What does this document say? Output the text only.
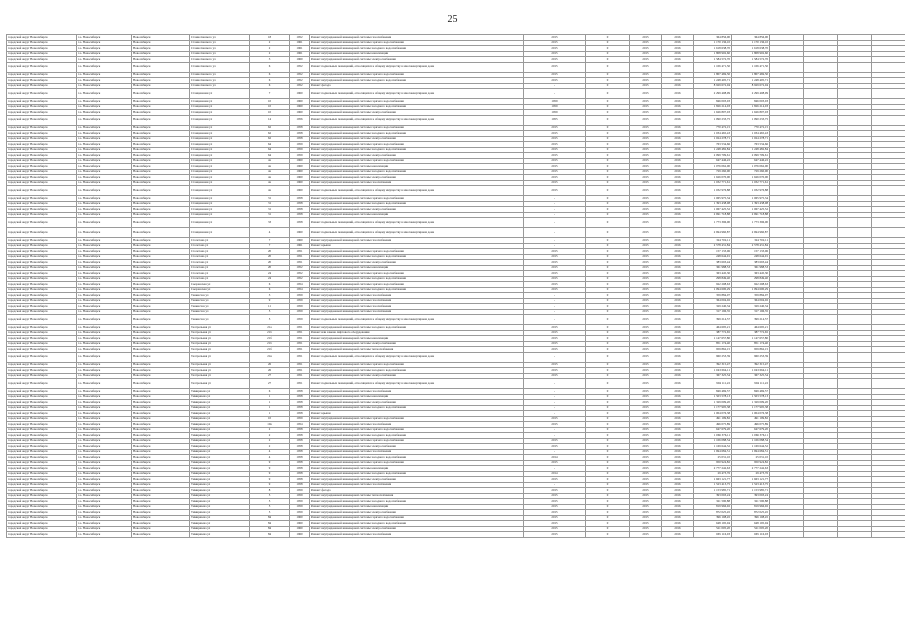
25
городской округ Новосибирск	г.о. Новосибирск	Новосибирск	Станиславского ул	18	1952	Ремонт внутридомовой инженерной системы газоснабжения	2015	0	2015	2016	364 856,00	364 856,00				
городской округ Новосибирск	г.о. Новосибирск	Новосибирск	Станиславского ул	2	1961	Ремонт внутридомовой инженерной системы горячего водоснабжения	2015	0	2015	2016	1 170 136,10	1 170 136,10				
городской округ Новосибирск	г.о. Новосибирск	Новосибирск	Станиславского ул	2	1961	Ремонт внутридомовой инженерной системы холодного водоснабжения	2015	0	2015	2016	1 618 638,70	1 618 638,70				
городской округ Новосибирск	г.о. Новосибирск	Новосибирск	Станиславского ул	2	1961	Ремонт внутридомовой инженерной системы канализации	2015	0	2015	2016	1 808 902,60	1 808 902,60				
городской округ Новосибирск	г.о. Новосибирск	Новосибирск	Станиславского ул	3	1960	Ремонт внутридомовой инженерной системы электроснабжения	2015	0	2015	2016	1 584 572,70	1 584 572,70				
городской округ Новосибирск	г.о. Новосибирск	Новосибирск	Станиславского ул	6	1952	Ремонт подвальных помещений, относящихся к общему имуществу в многоквартирном доме	2015	0	2015	2016	1 106 471,50	1 106 471,50				
городской округ Новосибирск	г.о. Новосибирск	Новосибирск	Станиславского ул	6	1952	Ремонт внутридомовой инженерной системы горячего водоснабжения	2015	0	2015	2016	1 807 469,50	1 807 469,50				
городской округ Новосибирск	г.о. Новосибирск	Новосибирск	Станиславского ул	6	1952	Ремонт внутридомовой инженерной системы холодного водоснабжения	2015	0	2015	2016	1 248 405,71	1 248 405,71				
городской округ Новосибирск	г.о. Новосибирск	Новосибирск	Станиславского ул	6	1952	Ремонт фасада	-	0	2015	2016	8 929 672,04	8 929 672,04				
городской округ Новосибирск	г.о. Новосибирск	Новосибирск	Станционная ул	7	1960	Ремонт подвальных помещений, относящихся к общему имуществу в многоквартирном доме	-	0	2015	2016	2 299 408,99	2 299 408,99				
городской округ Новосибирск	г.о. Новосибирск	Новосибирск	Станционная ул	10	1960	Ремонт внутридомовой инженерной системы горячего водоснабжения	1959	0	2015	2016	846 003,03	846 003,03				
городской округ Новосибирск	г.о. Новосибирск	Новосибирск	Станционная ул	10	1960	Ремонт внутридомовой инженерной системы холодного водоснабжения	1959	0	2015	2016	1 826 214,03	1 826 214,03				
городской округ Новосибирск	г.о. Новосибирск	Новосибирск	Станционная ул	10	1960	Ремонт внутридомовой инженерной системы электроснабжения	1959	0	2015	2016	1 626 807,03	1 626 807,03				
городской округ Новосибирск	г.о. Новосибирск	Новосибирск	Станционная ул	14	1956	Ремонт подвальных помещений, относящихся к общему имуществу в многоквартирном доме	1955	0	2015	2016	1 090 233,75	1 090 233,75				
городской округ Новосибирск	г.о. Новосибирск	Новосибирск	Станционная ул	62	1958	Ремонт внутридомовой инженерной системы горячего водоснабжения	2015	0	2015	2016	770 472,15	770 472,15				
городской округ Новосибирск	г.о. Новосибирск	Новосибирск	Станционная ул	62	1958	Ремонт внутридомовой инженерной системы холодного водоснабжения	2015	0	2015	2016	1 034 465,43	1 034 465,43				
городской округ Новосибирск	г.о. Новосибирск	Новосибирск	Станционная ул	62	1958	Ремонт внутридомовой инженерной системы электроснабжения	2015	0	2015	2016	1 024 278,71	1 024 278,71				
городской округ Новосибирск	г.о. Новосибирск	Новосибирск	Станционная ул	64	1959	Ремонт внутридомовой инженерной системы горячего водоснабжения	2015	0	2015	2016	763 534,66	763 534,66				
городской округ Новосибирск	г.о. Новосибирск	Новосибирск	Станционная ул	64	1959	Ремонт внутридомовой инженерной системы холодного водоснабжения	2015	0	2015	2016	1 248 482,84	1 248 482,84				
городской округ Новосибирск	г.о. Новосибирск	Новосибирск	Станционная ул	64	1959	Ремонт внутридомовой инженерной системы электроснабжения	2015	0	2015	2016	2 099 709,61	2 099 709,61				
городской округ Новосибирск	г.о. Новосибирск	Новосибирск	Станционная ул	4а	1960	Ремонт внутридомовой инженерной системы горячего водоснабжения	2015	0	2015	2016	647 446,22	647 446,22				
городской округ Новосибирск	г.о. Новосибирск	Новосибирск	Станционная ул	4а	1960	Ремонт внутридомовой инженерной системы канализации	2015	0	2015	2016	1 076 062,00	1 076 062,00				
городской округ Новосибирск	г.о. Новосибирск	Новосибирск	Станционная ул	4а	1960	Ремонт внутридомовой инженерной системы холодного водоснабжения	2015	0	2015	2016	729 260,90	729 260,90				
городской округ Новосибирск	г.о. Новосибирск	Новосибирск	Станционная ул	4а	1960	Ремонт внутридомовой инженерной системы электроснабжения	2015	0	2015	2016	1 626 070,00	1 626 070,00				
городской округ Новосибирск	г.о. Новосибирск	Новосибирск	Станционная ул	4а	1960	Ремонт внутридомовой инженерной системы газоснабжения	2015	0	2015	2016	1 032 771,61	1 032 771,61				
городской округ Новосибирск	г.о. Новосибирск	Новосибирск	Станционная ул	4а	1960	Ремонт подвальных помещений, относящихся к общему имуществу в многоквартирном доме	2015	0	2015	2016	1 032 976,88	1 032 976,88				
городской округ Новосибирск	г.о. Новосибирск	Новосибирск	Станционная ул	31	1958	Ремонт внутридомовой инженерной системы горячего водоснабжения	-	0	2015	2016	1 065 975,34	1 065 975,34				
городской округ Новосибирск	г.о. Новосибирск	Новосибирск	Станционная ул	31	1958	Ремонт внутридомовой инженерной системы холодного водоснабжения	-	0	2015	2016	1 393 438,98	1 393 438,98				
городской округ Новосибирск	г.о. Новосибирск	Новосибирск	Станционная ул	31	1958	Ремонт внутридомовой инженерной системы электроснабжения	-	0	2015	2016	1 067 425,52	1 067 425,52				
городской округ Новосибирск	г.о. Новосибирск	Новосибирск	Станционная ул	31	1958	Ремонт внутридомовой инженерной системы канализации	-	0	2015	2016	2 691 718,88	2 691 718,88				
городской округ Новосибирск	г.о. Новосибирск	Новосибирск	Станционная ул	33	1958	Ремонт подвальных помещений, относящихся к общему имуществу в многоквартирном доме	-	0	2015	2016	1 773 396,00	1 773 396,00				
городской округ Новосибирск	г.о. Новосибирск	Новосибирск	Станционная ул	4	1960	Ремонт подвальных помещений, относящихся к общему имуществу в многоквартирном доме	-	0	2015	2016	2 694 960,87	2 694 960,87				
городской округ Новосибирск	г.о. Новосибирск	Новосибирск	Столетова ул	7	1960	Ремонт внутридомовой инженерной системы газоснабжения	-	0	2015	2016	324 702,11	324 702,11				
городской округ Новосибирск	г.о. Новосибирск	Новосибирск	Столетова ул	7	1961	Ремонт крыши	-	0	2015	2016	2 578 431,84	2 578 431,84				
городской округ Новосибирск	г.о. Новосибирск	Новосибирск	Столетова ул	20	1951	Ремонт внутридомовой инженерной системы горячего водоснабжения	2015	0	2015	2016	157 133,06	157 133,06				
городской округ Новосибирск	г.о. Новосибирск	Новосибирск	Столетова ул	20	1951	Ремонт внутридомовой инженерной системы холодного водоснабжения	2015	0	2015	2016	248 644,91	248 644,91				
городской округ Новосибирск	г.о. Новосибирск	Новосибирск	Столетова ул	20	1951	Ремонт внутридомовой инженерной системы электроснабжения	2015	0	2015	2016	383 693,44	383 693,44				
городской округ Новосибирск	г.о. Новосибирск	Новосибирск	Столетова ул	20	1952	Ремонт внутридомовой инженерной системы канализации	2015	0	2015	2016	361 988,53	361 988,53				
городской округ Новосибирск	г.о. Новосибирск	Новосибирск	Столетова ул	24	1952	Ремонт внутридомовой инженерной системы горячего водоснабжения	2015	0	2015	2016	363 445,30	363 445,30				
городской округ Новосибирск	г.о. Новосибирск	Новосибирск	Столетова ул	24	1952	Ремонт внутридомовой инженерной системы холодного водоснабжения	2015	0	2015	2016	298 849,40	298 849,40				
городской округ Новосибирск	г.о. Новосибирск	Новосибирск	Сызранская ул	6	1954	Ремонт внутридомовой инженерной системы горячего водоснабжения	2015	0	2015	2016	922 208,63	922 208,63				
городской округ Новосибирск	г.о. Новосибирск	Новосибирск	Сызранская ул	6	1954	Ремонт внутридомовой инженерной системы холодного водоснабжения	2015	0	2015	2016	1 094 600,29	1 094 600,29				
городской округ Новосибирск	г.о. Новосибирск	Новосибирск	Танкистов ул	3	1959	Ремонт внутридомовой инженерной системы газоснабжения	-	0	2015	2016	359 884,07	359 884,07				
городской округ Новосибирск	г.о. Новосибирск	Новосибирск	Танкистов ул	9	1959	Ремонт внутридомовой инженерной системы газоснабжения	-	0	2015	2016	364 004,02	364 004,02				
городской округ Новосибирск	г.о. Новосибирск	Новосибирск	Танкистов ул	11	1959	Ремонт внутридомовой инженерной системы газоснабжения	-	0	2015	2016	329 240,34	329 240,34				
городской округ Новосибирск	г.о. Новосибирск	Новосибирск	Танкистов ул	5	1959	Ремонт внутридомовой инженерной системы газоснабжения	-	0	2015	2016	317 196,35	317 196,35				
городской округ Новосибирск	г.о. Новосибирск	Новосибирск	Танкистов ул	5	1959	Ремонт подвальных помещений, относящихся к общему имуществу в многоквартирном доме	-	0	2015	2016	399 214,57	399 214,57				
городской округ Новосибирск	г.о. Новосибирск	Новосибирск	Театральная ул	21а	1951	Ремонт внутридомовой инженерной системы холодного водоснабжения	2015	0	2015	2016	464 695,21	464 695,21				
городской округ Новосибирск	г.о. Новосибирск	Новосибирск	Театральная ул	21б	1951	Ремонт или замена лифтового оборудования	2015	0	2015	2016	387 772,65	387 772,65				
городской округ Новосибирск	г.о. Новосибирск	Новосибирск	Театральная ул	21б	1951	Ремонт внутридомовой инженерной системы канализации	2015	0	2015	2016	1 147 657,80	1 147 657,80				
городской округ Новосибирск	г.о. Новосибирск	Новосибирск	Театральная ул	21б	1951	Ремонт внутридомовой инженерной системы электроснабжения	2015	0	2015	2016	851 174,40	851 174,40				
городской округ Новосибирск	г.о. Новосибирск	Новосибирск	Театральная ул	21б	1951	Ремонт внутридомовой инженерной системы теплоснабжения	2015	0	2015	2016	959 862,15	959 862,15				
городской округ Новосибирск	г.о. Новосибирск	Новосибирск	Театральная ул	21в	1951	Ремонт подвальных помещений, относящихся к общему имуществу в многоквартирном доме	-	0	2015	2016	960 253,39	960 253,39				
городской округ Новосибирск	г.о. Новосибирск	Новосибирск	Театральная ул	26	1951	Ремонт внутридомовой инженерной системы горячего водоснабжения	2015	0	2015	2016	392 315,47	392 315,47				
городской округ Новосибирск	г.о. Новосибирск	Новосибирск	Театральная ул	26	1951	Ремонт внутридомовой инженерной системы холодного водоснабжения	2015	0	2015	2016	1 043 064,11	1 043 064,11				
городской округ Новосибирск	г.о. Новосибирск	Новосибирск	Театральная ул	27	1951	Ремонт внутридомовой инженерной системы электроснабжения	2015	0	2015	2016	367 325,54	367 325,54				
городской округ Новосибирск	г.о. Новосибирск	Новосибирск	Театральная ул	27	1951	Ремонт подвальных помещений, относящихся к общему имуществу в многоквартирном доме	-	0	2015	2016	904 111,22	904 111,22				
городской округ Новосибирск	г.о. Новосибирск	Новосибирск	Тимирязева ул	6	1958	Ремонт внутридомовой инженерной системы газоснабжения	-	0	2015	2016	849 469,57	849 469,57				
городской округ Новосибирск	г.о. Новосибирск	Новосибирск	Тимирязева ул	1	1958	Ремонт внутридомовой инженерной системы канализации	-	0	2015	2016	1 503 578,13	1 503 578,13				
городской округ Новосибирск	г.о. Новосибирск	Новосибирск	Тимирязева ул	1	1958	Ремонт внутридомовой инженерной системы электроснабжения	-	0	2015	2016	1 329 009,20	1 329 009,20				
городской округ Новосибирск	г.о. Новосибирск	Новосибирск	Тимирязева ул	1	1958	Ремонт внутридомовой инженерной системы холодного водоснабжения	-	0	2015	2016	1 177 905,38	1 177 905,38				
городской округ Новосибирск	г.о. Новосибирск	Новосибирск	Тимирязева ул	1	1958	Ремонт крыши	-	0	2015	2016	1 004 076,38	1 004 076,38				
городской округ Новосибирск	г.о. Новосибирск	Новосибирск	Тимирязева ул	10	1959	Ремонт внутридомовой инженерной системы горячего водоснабжения	2015	0	2015	2016	491 199,82	491 199,82				
городской округ Новосибирск	г.о. Новосибирск	Новосибирск	Тимирязева ул	10а	1954	Ремонт внутридомовой инженерной системы газоснабжения	2015	0	2015	2016	496 075,89	496 075,89				
городской округ Новосибирск	г.о. Новосибирск	Новосибирск	Тимирязева ул	2	1958	Ремонт внутридомовой инженерной системы горячего водоснабжения	-	0	2015	2016	647 679,20	647 679,20				
городской округ Новосибирск	г.о. Новосибирск	Новосибирск	Тимирязева ул	2	1958	Ремонт внутридомовой инженерной системы холодного водоснабжения	-	0	2015	2016	1 066 376,11	1 066 376,11				
городской округ Новосибирск	г.о. Новосибирск	Новосибирск	Тимирязева ул	2	1958	Ремонт внутридомовой инженерной системы горячего водоснабжения	2015	0	2015	2016	1 106 088,54	1 106 088,54				
городской округ Новосибирск	г.о. Новосибирск	Новосибирск	Тимирязева ул	2	1958	Ремонт внутридомовой инженерной системы электроснабжения	2015	0	2015	2016	1 169 644,52	1 169 644,52				
городской округ Новосибирск	г.о. Новосибирск	Новосибирск	Тимирязева ул	4	1958	Ремонт внутридомовой инженерной системы газоснабжения	-	0	2015	2016	1 694 684,51	1 694 684,51				
городской округ Новосибирск	г.о. Новосибирск	Новосибирск	Тимирязева ул	4	1958	Ремонт внутридомовой инженерной системы холодного водоснабжения	2014	0	2015	2016	25 031,10	25 031,10				
городской округ Новосибирск	г.о. Новосибирск	Новосибирск	Тимирязева ул	9	1958	Ремонт внутридомовой инженерной системы горячего водоснабжения	2015	0	2015	2016	950 924,82	950 924,82				
городской округ Новосибирск	г.о. Новосибирск	Новосибирск	Тимирязева ул	9	1958	Ремонт внутридомовой инженерной системы канализации	-	0	2015	2016	2 777 242,63	2 777 242,63				
городской округ Новосибирск	г.о. Новосибирск	Новосибирск	Тимирязева ул	9	1958	Ремонт внутридомовой инженерной системы холодного водоснабжения	2014	0	2015	2016	29 473,76	29 473,76				
городской округ Новосибирск	г.о. Новосибирск	Новосибирск	Тимирязева ул	9	1958	Ремонт внутридомовой инженерной системы электроснабжения	2015	0	2015	2016	1 663 121,77	1 663 121,77				
городской округ Новосибирск	г.о. Новосибирск	Новосибирск	Тимирязева ул	9	1958	Ремонт внутридомовой инженерной системы газоснабжения	-	0	2015	2016	1 523 413,75	1 523 413,75				
городской округ Новосибирск	г.о. Новосибирск	Новосибирск	Тимирязева ул	8	1959	Ремонт фасада	2015	0	2015	2016	1 153 985,71	1 153 985,71				
городской округ Новосибирск	г.о. Новосибирск	Новосибирск	Тимирязева ул	5	1959	Ремонт внутридомовой инженерной системы теплоснабжения	2015	0	2015	2016	393 093,24	393 093,24				
городской округ Новосибирск	г.о. Новосибирск	Новосибирск	Тимирязева ул	5	1959	Ремонт внутридомовой инженерной системы холодного водоснабжения	2015	0	2015	2016	321 590,88	321 590,88				
городской округ Новосибирск	г.о. Новосибирск	Новосибирск	Тимирязева ул	5	1959	Ремонт внутридомовой инженерной системы канализации	2015	0	2015	2016	819 966,92	819 966,92				
городской округ Новосибирск	г.о. Новосибирск	Новосибирск	Тимирязева ул	5	1959	Ремонт внутридомовой инженерной системы электроснабжения	2015	0	2015	2016	872 025,45	872 025,45				
городской округ Новосибирск	г.о. Новосибирск	Новосибирск	Тимирязева ул	84	1960	Ремонт внутридомовой инженерной системы горячего водоснабжения	2015	0	2015	2016	396 108,45	396 108,45				
городской округ Новосибирск	г.о. Новосибирск	Новосибирск	Тимирязева ул	84	1960	Ремонт внутридомовой инженерной системы холодного водоснабжения	2015	0	2015	2016	648 195,04	648 195,04				
городской округ Новосибирск	г.о. Новосибирск	Новосибирск	Тимирязева ул	84	1960	Ремонт внутридомовой инженерной системы электроснабжения	2015	0	2015	2016	521 005,20	521 005,20				
городской округ Новосибирск	г.о. Новосибирск	Новосибирск	Тимирязева ул	84	1960	Ремонт внутридомовой инженерной системы газоснабжения	2015	0	2015	2016	665 116,03	665 116,03				
